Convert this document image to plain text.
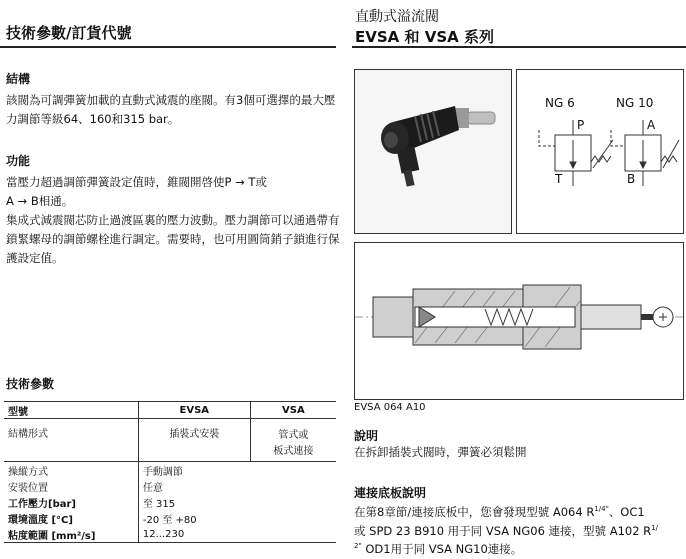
技術參數/訂貨代號
直動式溢流閥
EVSA 和 VSA 系列
結構
該閥為可調彈簧加載的直動式減震的座閥。有3個可選擇的最大壓力調節等級64、160和315 bar。
功能
當壓力超過調節彈簧設定值時，錐閥開啓使P → T或
A → B相通。
集成式減震閥芯防止過渡區裏的壓力波動。壓力調節可以通過帶有鎖緊螺母的調節螺栓進行調定。需要時，也可用圓筒銷子鎖進行保護設定值。
NG 6	NG 10
P
T
A
B
EVSA 064 A10
技術參數
型號	EVSA	VSA
結構形式	插裝式安裝	管式或
		板式連接
操縱方式	手動調節	
安裝位置	任意	
工作壓力[bar]	至 315	
環境溫度 [°C]	-20 至 +80	
粘度範圍 [mm²/s]	12...230	
說明
在拆卸插裝式閥時，彈簧必須鬆開
連接底板說明
在第8章節/連接底板中，您會發現型號 A064 $R^{1/4"}$、OC1
或 SPD 23 B910 用于同 VSA NG06 連接，型號 A102 $R^{1/}$
$^{2"}$ OD1用于同 VSA NG10連接。
